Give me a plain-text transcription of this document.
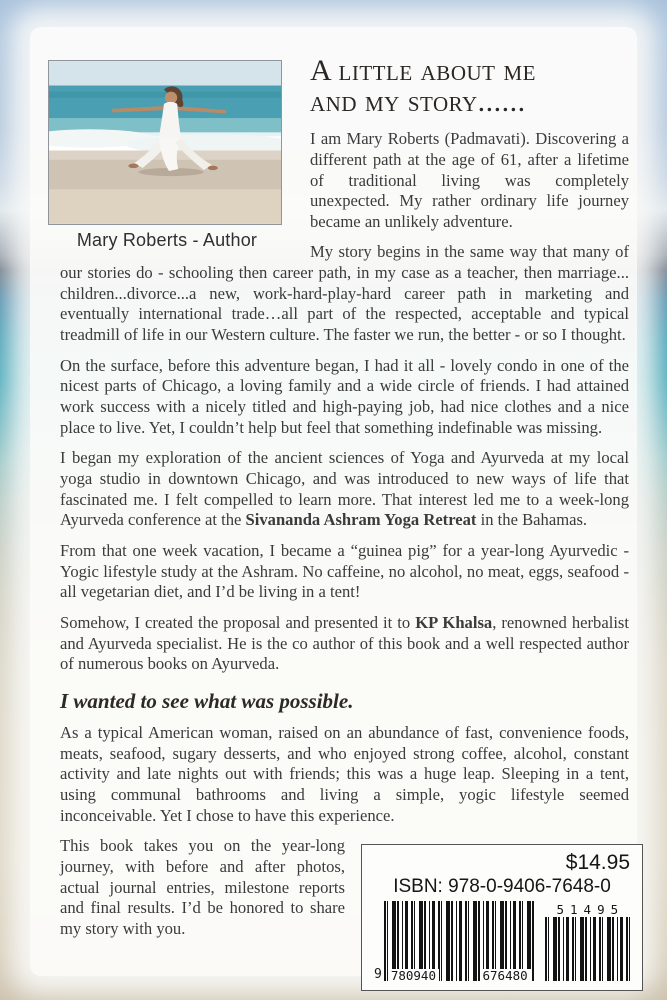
Mary Roberts - Author
A little about me
and my story......

I am Mary Roberts (Padmavati). Discovering a different path at the age of 61, after a lifetime of traditional living was completely unexpected. My rather ordinary life journey became an unlikely adventure.

My story begins in the same way that many of our stories do - schooling then career path, in my case as a teacher, then marriage... children...divorce...a new, work-hard-play-hard career path in marketing and eventually international trade…all part of the respected, acceptable and typical treadmill of life in our Western culture. The faster we run, the better - or so I thought.

On the surface, before this adventure began, I had it all - lovely condo in one of the nicest parts of Chicago, a loving family and a wide circle of friends. I had attained work success with a nicely titled and high-paying job, had nice clothes and a nice place to live. Yet, I couldn’t help but feel that something indefinable was missing.

I began my exploration of the ancient sciences of Yoga and Ayurveda at my local yoga studio in downtown Chicago, and was introduced to new ways of life that fascinated me. I felt compelled to learn more. That interest led me to a week-long Ayurveda conference at the Sivananda Ashram Yoga Retreat in the Bahamas.

From that one week vacation, I became a “guinea pig” for a year-long Ayurvedic - Yogic lifestyle study at the Ashram. No caffeine, no alcohol, no meat, eggs, seafood - all vegetarian diet, and I’d be living in a tent!

Somehow, I created the proposal and presented it to KP Khalsa, renowned herbalist and Ayurveda specialist. He is the co author of this book and a well respected author of numerous books on Ayurveda.

I wanted to see what was possible.

As a typical American woman, raised on an abundance of fast, convenience foods, meats, seafood, sugary desserts, and who enjoyed strong coffee, alcohol, constant activity and late nights out with friends; this was a huge leap. Sleeping in a tent, using communal bathrooms and living a simple, yogic lifestyle seemed inconceivable. Yet I chose to have this experience.

$14.95
ISBN: 978-0-9406-7648-0
9 780940	676480
51495

This book takes you on the year-long journey, with before and after photos, actual journal entries, milestone reports and final results. I’d be honored to share my story with you.
